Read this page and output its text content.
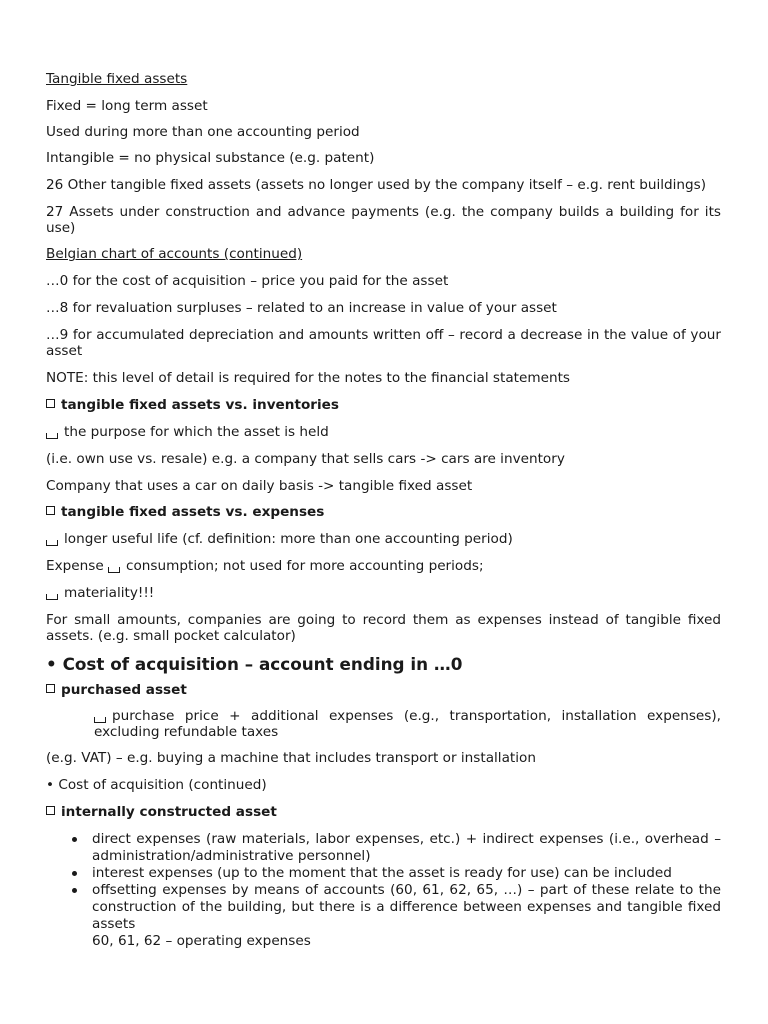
Tangible fixed assets

Fixed = long term asset

Used during more than one accounting period

Intangible = no physical substance (e.g. patent)

26 Other tangible fixed assets (assets no longer used by the company itself – e.g. rent buildings)

27 Assets under construction and advance payments (e.g. the company builds a building for its use)

Belgian chart of accounts (continued)

…0 for the cost of acquisition – price you paid for the asset

…8 for revaluation surpluses – related to an increase in value of your asset

…9 for accumulated depreciation and amounts written off – record a decrease in the value of your asset

NOTE: this level of detail is required for the notes to the financial statements

tangible fixed assets vs. inventories

the purpose for which the asset is held

(i.e. own use vs. resale) e.g. a company that sells cars -> cars are inventory

Company that uses a car on daily basis -> tangible fixed asset

tangible fixed assets vs. expenses

longer useful life (cf. definition: more than one accounting period)

Expense consumption; not used for more accounting periods;

materiality!!!

For small amounts, companies are going to record them as expenses instead of tangible fixed assets. (e.g. small pocket calculator)

• Cost of acquisition – account ending in …0

purchased asset

purchase price + additional expenses (e.g., transportation, installation expenses), excluding refundable taxes

(e.g. VAT) – e.g. buying a machine that includes transport or installation

• Cost of acquisition (continued)

internally constructed asset

direct expenses (raw materials, labor expenses, etc.) + indirect expenses (i.e., overhead – administration/administrative personnel)
interest expenses (up to the moment that the asset is ready for use) can be included
offsetting expenses by means of accounts (60, 61, 62, 65, …) – part of these relate to the construction of the building, but there is a difference between expenses and tangible fixed assets
60, 61, 62 – operating expenses
